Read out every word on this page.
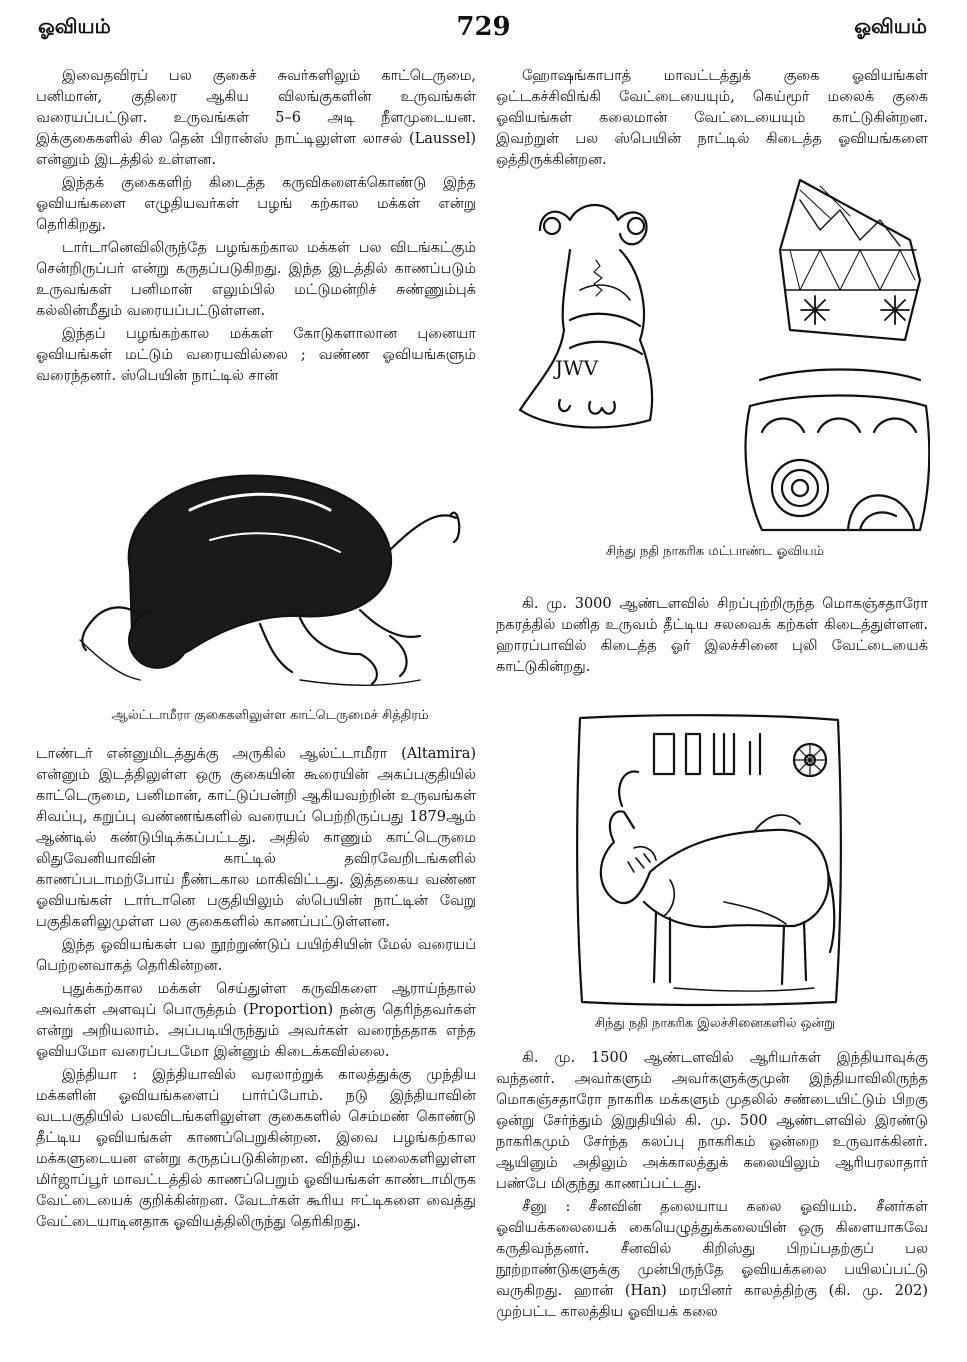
ஓவியம்	729	ஓவியம்

இவைதவிரப் பல குகைச் சுவர்களிலும் காட்டெருமை, பனிமான், குதிரை ஆகிய விலங்குகளின் உருவங்கள் வரையப்பட்டுள. உருவங்கள் 5–6 அடி நீளமுடையன. இக்குகைகளில் சில தென் பிரான்ஸ் நாட்டிலுள்ள லாசல் (Laussel) என்னும் இடத்தில் உள்ளன.

இந்தக் குகைகளிற் கிடைத்த கருவிகளைக்கொண்டு இந்த ஓவியங்களை எழுதியவர்கள் பழங் கற்கால மக்கள் என்று தெரிகிறது.

டார்டானெவிலிருந்தே பழங்கற்கால மக்கள் பல விடங்கட்கும் சென்றிருப்பர் என்று கருதப்படுகிறது. இந்த இடத்தில் காணப்படும் உருவங்கள் பனிமான் எலும்பில் மட்டுமன்றிச் சுண்ணும்புக் கல்லின்மீதும் வரையப்பட்டுள்ளன.

இந்தப் பழங்கற்கால மக்கள் கோடுகளாலான புனையா ஓவியங்கள் மட்டும் வரையவில்லை ; வண்ண ஓவியங்களும் வரைந்தனர். ஸ்பெயின் நாட்டில் சான்

ஆல்ட்டாமீரா குகைகளிலுள்ள காட்டெருமைச் சித்திரம்

டாண்டர் என்னுமிடத்துக்கு அருகில் ஆல்ட்டாமீரா (Altamira) என்னும் இடத்திலுள்ள ஒரு குகையின் கூரையின் அகப்பகுதியில் காட்டெருமை, பனிமான், காட்டுப்பன்றி ஆகியவற்றின் உருவங்கள் சிவப்பு, கறுப்பு வண்ணங்களில் வரையப் பெற்றிருப்பது 1879ஆம் ஆண்டில் கண்டுபிடிக்கப்பட்டது. அதில் காணும் காட்டெருமை லிதுவேனியாவின் காட்டில் தவிரவேறிடங்களில் காணப்படாமற்போய் நீண்டகால மாகிவிட்டது. இத்தகைய வண்ண ஓவியங்கள் டார்டானெ பகுதியிலும் ஸ்பெயின் நாட்டின் வேறு பகுதிகளிலுமுள்ள பல குகைகளில் காணப்பட்டுள்ளன.

இந்த ஓவியங்கள் பல நூற்றுண்டுப் பயிற்சியின் மேல் வரையப் பெற்றனவாகத் தெரிகின்றன.

புதுக்கற்கால மக்கள் செய்துள்ள கருவிகளை ஆராய்ந்தால் அவர்கள் அளவுப் பொருத்தம் (Proportion) நன்கு தெரிந்தவர்கள் என்று அறியலாம். அப்படியிருந்தும் அவர்கள் வரைந்ததாக எந்த ஓவியமோ வரைப்படமோ இன்னும் கிடைக்கவில்லை.

இந்தியா : இந்தியாவில் வரலாற்றுக் காலத்துக்கு முந்திய மக்களின் ஓவியங்களைப் பார்ப்போம். நடு இந்தியாவின் வடபகுதியில் பலவிடங்களிலுள்ள குகைகளில் செம்மண் கொண்டு தீட்டிய ஓவியங்கள் காணப்பெறுகின்றன. இவை பழங்கற்கால மக்களுடையன என்று கருதப்படுகின்றன. விந்திய மலைகளிலுள்ள மிர்ஜாப்பூர் மாவட்டத்தில் காணப்பெறும் ஓவியங்கள் காண்டாமிருக வேட்டையைக் குறிக்கின்றன. வேடர்கள் கூரிய ஈட்டிகளை வைத்து வேட்டையாடினதாக ஓவியத்திலிருந்து தெரிகிறது.

ஹோஷங்காபாத் மாவட்டத்துக் குகை ஓவியங்கள் ஒட்டகச்சிவிங்கி வேட்டையையும், கெய்மூர் மலைக் குகை ஓவியங்கள் கலைமான் வேட்டையையும் காட்டுகின்றன. இவற்றுள் பல ஸ்பெயின் நாட்டில் கிடைத்த ஓவியங்களை ஒத்திருக்கின்றன.

JWV
சிந்து நதி நாகரிக மட்பாண்ட ஓவியம்

கி. மு. 3000 ஆண்டளவில் சிறப்புற்றிருந்த மொகஞ்சதாரோ நகரத்தில் மனித உருவம் தீட்டிய சலவைக் கற்கள் கிடைத்துள்ளன. ஹாரப்பாவில் கிடைத்த ஓர் இலச்சினை புலி வேட்டையைக் காட்டுகின்றது.

சிந்து நதி நாகரிக இலச்சினைகளில் ஒன்று

கி. மு. 1500 ஆண்டளவில் ஆரியர்கள் இந்தியாவுக்கு வந்தனர். அவர்களும் அவர்களுக்குமுன் இந்தியாவிலிருந்த மொகஞ்சதாரோ நாகரிக மக்களும் முதலில் சண்டையிட்டும் பிறகு ஒன்று சேர்ந்தும் இறுதியில் கி. மு. 500 ஆண்டளவில் இரண்டு நாகரிகமும் சேர்ந்த கலப்பு நாகரிகம் ஒன்றை உருவாக்கினர். ஆயினும் அதிலும் அக்காலத்துக் கலையிலும் ஆரியரலாதார் பண்பே மிகுந்து காணப்பட்டது.

சீனு : சீனவின் தலையாய கலை ஓவியம். சீனர்கள் ஓவியக்கலையைக் கையெழுத்துக்கலையின் ஒரு கிளையாகவே கருதிவந்தனர். சீனவில் கிறிஸ்து பிறப்பதற்குப் பல நூற்றாண்டுகளுக்கு முன்பிருந்தே ஓவியக்கலை பயிலப்பட்டு வருகிறது. ஹான் (Han) மரபினர் காலத்திற்கு (கி. மு. 202) முற்பட்ட காலத்திய ஓவியக் கலை
